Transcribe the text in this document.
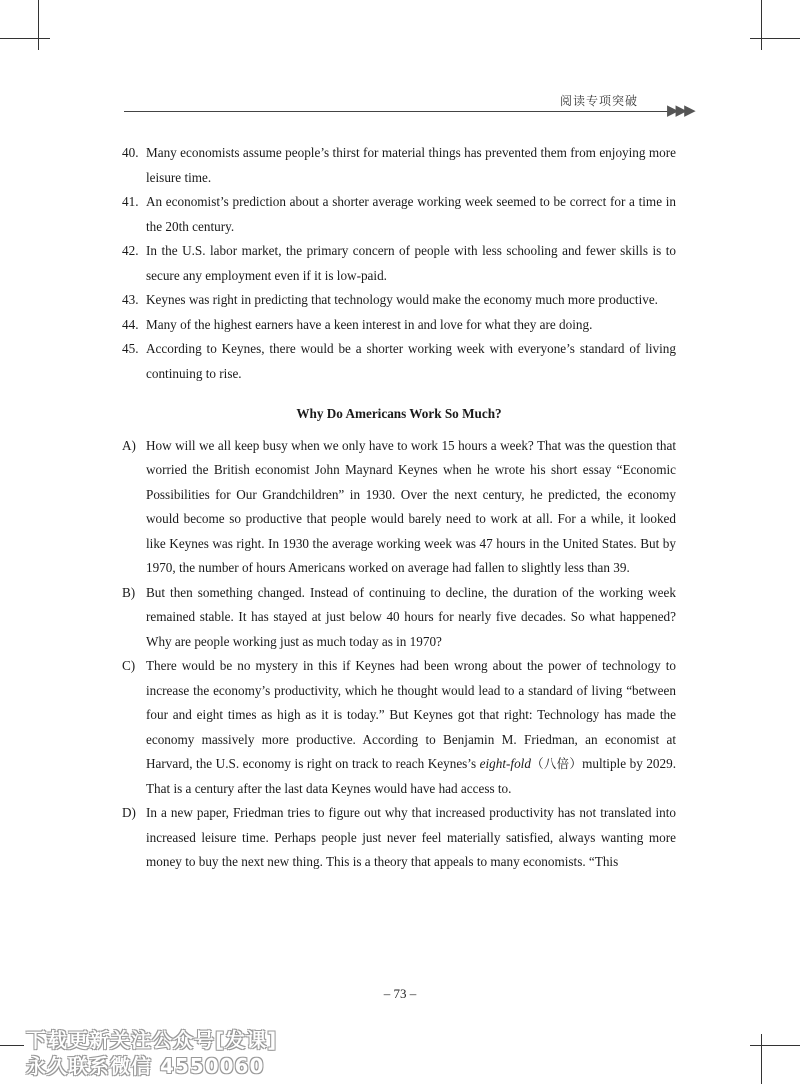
阅读专项突破	▶▶▶

40. Many economists assume people’s thirst for material things has prevented them from enjoying more leisure time.

41. An economist’s prediction about a shorter average working week seemed to be correct for a time in the 20th century.

42. In the U.S. labor market, the primary concern of people with less schooling and fewer skills is to secure any employment even if it is low-paid.

43. Keynes was right in predicting that technology would make the economy much more productive.

44. Many of the highest earners have a keen interest in and love for what they are doing.

45. According to Keynes, there would be a shorter working week with everyone’s standard of living continuing to rise.

Why Do Americans Work So Much?

A) How will we all keep busy when we only have to work 15 hours a week? That was the question that worried the British economist John Maynard Keynes when he wrote his short essay “Economic Possibilities for Our Grandchildren” in 1930. Over the next century, he predicted, the economy would become so productive that people would barely need to work at all. For a while, it looked like Keynes was right. In 1930 the average working week was 47 hours in the United States. But by 1970, the number of hours Americans worked on average had fallen to slightly less than 39.

B) But then something changed. Instead of continuing to decline, the duration of the working week remained stable. It has stayed at just below 40 hours for nearly five decades. So what happened? Why are people working just as much today as in 1970?

C) There would be no mystery in this if Keynes had been wrong about the power of technology to increase the economy’s productivity, which he thought would lead to a standard of living “between four and eight times as high as it is today.” But Keynes got that right: Technology has made the economy massively more productive. According to Benjamin M. Friedman, an economist at Harvard, the U.S. economy is right on track to reach Keynes’s eight-fold（八倍）multiple by 2029. That is a century after the last data Keynes would have had access to.

D) In a new paper, Friedman tries to figure out why that increased productivity has not translated into increased leisure time. Perhaps people just never feel materially satisfied, always wanting more money to buy the next new thing. This is a theory that appeals to many economists. “This

– 73 –
下载更新关注公众号[发课]
永久联系微信 4550060
